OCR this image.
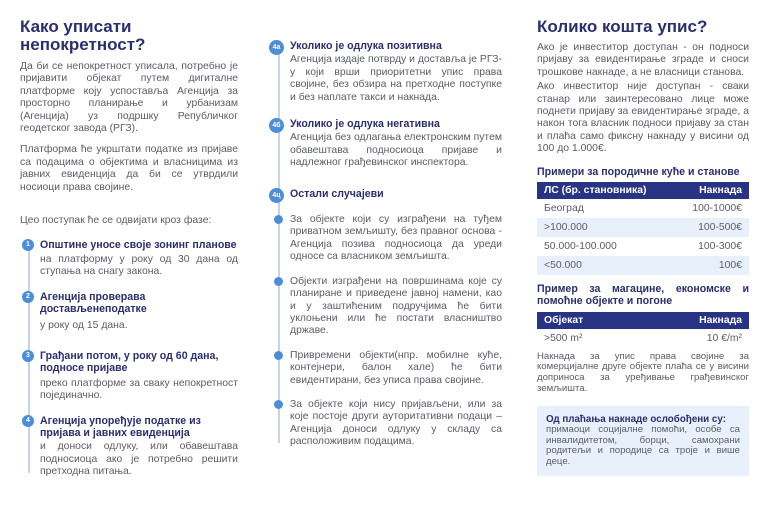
Како уписати непокретност?

Да би се непокретност уписала, потребно је пријавити објекат путем дигиталне платформе коју успоставља Агенција за просторно планирање и урбанизам (Агенција) уз подршку Републичког геодетског завода (РГЗ).

Платформа ће укрштати податке из пријаве са подацима о објектима и власницима из јавних евиденција да би се утврдили носиоци права својине.

Цео поступак ће се одвијати кроз фазе:

1 Општине уносе своје зонинг планове

на платформу у року од 30 дана од ступања на снагу закона.

2 Агенција проверава достављенеподатке

у року од 15 дана.

3 Грађани потом, у року од 60 дана, подносе пријаве

преко платформе за сваку непокретност појединачно.

4 Агенција упоређује податке из пријава и јавних евиденција

и доноси одлуку, или обавештава подносиоца ако је потребно решити претходна питања.

4a Уколико је одлука позитивна

Агенција издаје потврду и доставља је РГЗ-у који врши приоритетни упис права својине, без обзира на претходне поступке и без наплате такси и накнада.

4б Уколико је одлука негативна

Агенција без одлагања електронским путем обавештава подносиоца пријаве и надлежног грађевинског инспектора.

4ц Остали случајеви

За објекте који су изграђени на туђем приватном земљишту, без правног основа - Агенција позива подносиоца да уреди односе са власником земљишта.

Објекти изграђени на површинама које су планиране и приведене јавној намени, као и у заштићеним подручјима ће бити уклоњени или ће постати власништво државе.

Привремени објекти(нпр. мобилне куће, контејнери, балон хале) ће бити евидентирани, без уписа права својине.

За објекте који нису пријављени, или за које постоје други ауторитативни подаци – Агенција доноси одлуку у складу са расположивим подацима.

Колико кошта упис?

Ако је инвеститор доступан - он подноси пријаву за евидентирање зграде и сноси трошкове накнаде, а не власници станова.

Ако инвеститор није доступан - сваки станар или заинтересовано лице може поднети пријаву за евидентирање зграде, а након тога власник подноси пријаву за стан и плаћа само фиксну накнаду у висини од 100 до 1.000€.

Примери за породичне куће и станове
ЛС (бр. становника)	Накнада
Београд	100-1000€
>100.000	100-500€
50.000-100.000	100-300€
<50.000	100€
Пример за магацине, економске и помоћне објекте и погоне
Објекат	Накнада
>500 m²	10 €/m²

Накнада за упис права својине за комерцијалне друге објекте плаћа се у висини доприноса за уређивање грађевинског земљишта.

Од плаћања накнаде ослобођени су:

примаоци социјалне помоћи, особе са инвалидитетом, борци, самохрани родитељи и породице са троје и више деце.
